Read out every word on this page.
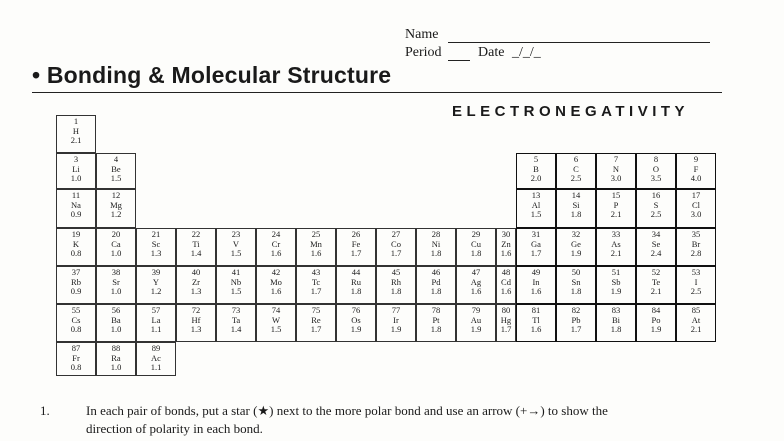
Name
Period	Date _/_/_
• Bonding & Molecular Structure
ELECTRONEGATIVITY
1
H
2.1
3
Li
1.0
4
Be
1.5
11
Na
0.9
12
Mg
1.2
19
K
0.8
20
Ca
1.0
21
Sc
1.3
22
Ti
1.4
23
V
1.5
24
Cr
1.6
25
Mn
1.6
26
Fe
1.7
27
Co
1.7
28
Ni
1.8
29
Cu
1.8
30
Zn
1.6
31
Ga
1.7
32
Ge
1.9
33
As
2.1
34
Se
2.4
35
Br
2.8
37
Rb
0.9
38
Sr
1.0
39
Y
1.2
40
Zr
1.3
41
Nb
1.5
42
Mo
1.6
43
Tc
1.7
44
Ru
1.8
45
Rh
1.8
46
Pd
1.8
47
Ag
1.6
48
Cd
1.6
49
In
1.6
50
Sn
1.8
51
Sb
1.9
52
Te
2.1
53
I
2.5
55
Cs
0.8
56
Ba
1.0
57
La
1.1
72
Hf
1.3
73
Ta
1.4
74
W
1.5
75
Re
1.7
76
Os
1.9
77
Ir
1.9
78
Pt
1.8
79
Au
1.9
80
Hg
1.7
81
Tl
1.6
82
Pb
1.7
83
Bi
1.8
84
Po
1.9
85
At
2.1
87
Fr
0.8
88
Ra
1.0
89
Ac
1.1
5
B
2.0
6
C
2.5
7
N
3.0
8
O
3.5
9
F
4.0
13
Al
1.5
14
Si
1.8
15
P
2.1
16
S
2.5
17
Cl
3.0
1.	In each pair of bonds, put a star (★) next to the more polar bond and use an arrow (+→) to show the
direction of polarity in each bond.
